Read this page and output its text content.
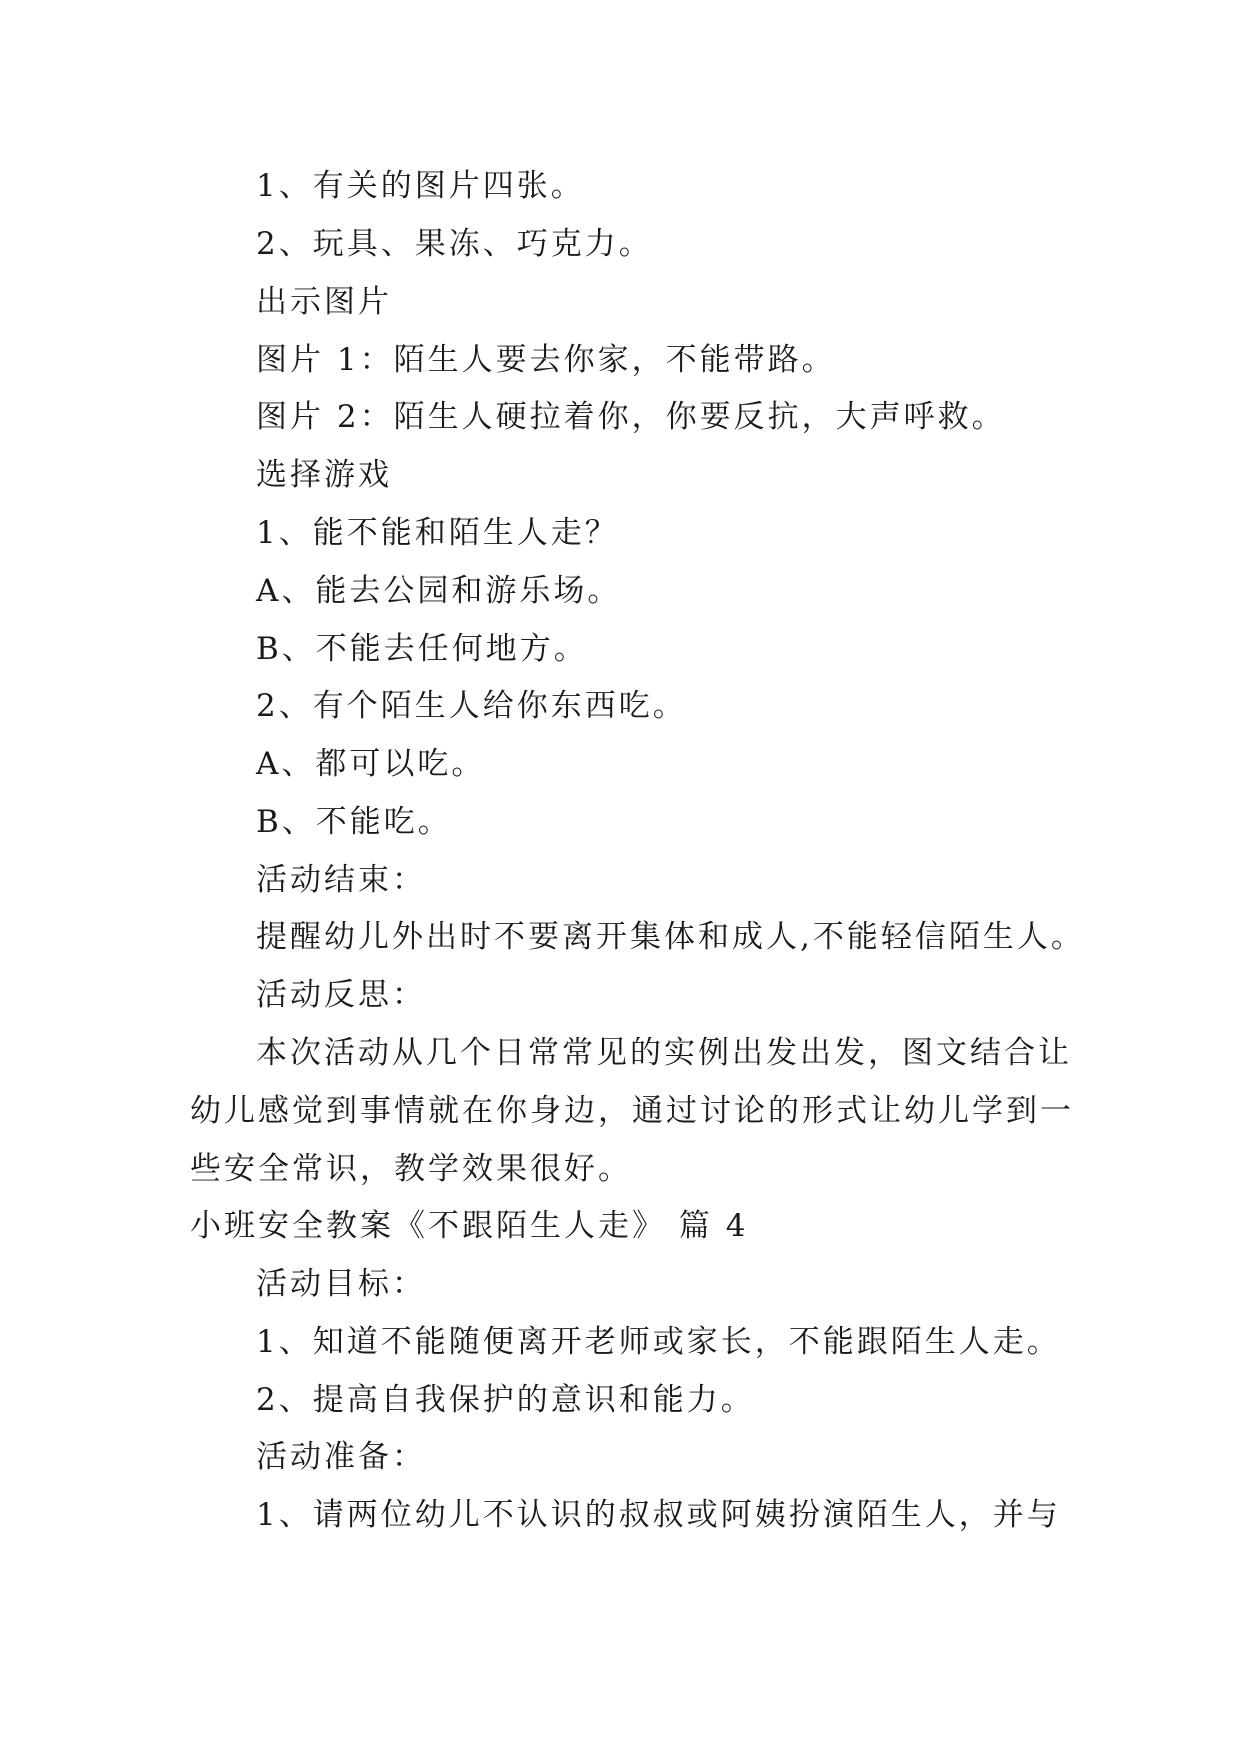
1、有关的图片四张。
2、玩具、果冻、巧克力。
出示图片
图片 1：陌生人要去你家，不能带路。
图片 2：陌生人硬拉着你，你要反抗，大声呼救。
选择游戏
1、能不能和陌生人走？
A、能去公园和游乐场。
B、不能去任何地方。
2、有个陌生人给你东西吃。
A、都可以吃。
B、不能吃。
活动结束：
提醒幼儿外出时不要离开集体和成人,不能轻信陌生人。
活动反思：
本次活动从几个日常常见的实例出发出发，图文结合让
幼儿感觉到事情就在你身边，通过讨论的形式让幼儿学到一
些安全常识，教学效果很好。
小班安全教案《不跟陌生人走》 篇 4
活动目标：
1、知道不能随便离开老师或家长，不能跟陌生人走。
2、提高自我保护的意识和能力。
活动准备：
1、请两位幼儿不认识的叔叔或阿姨扮演陌生人，并与
